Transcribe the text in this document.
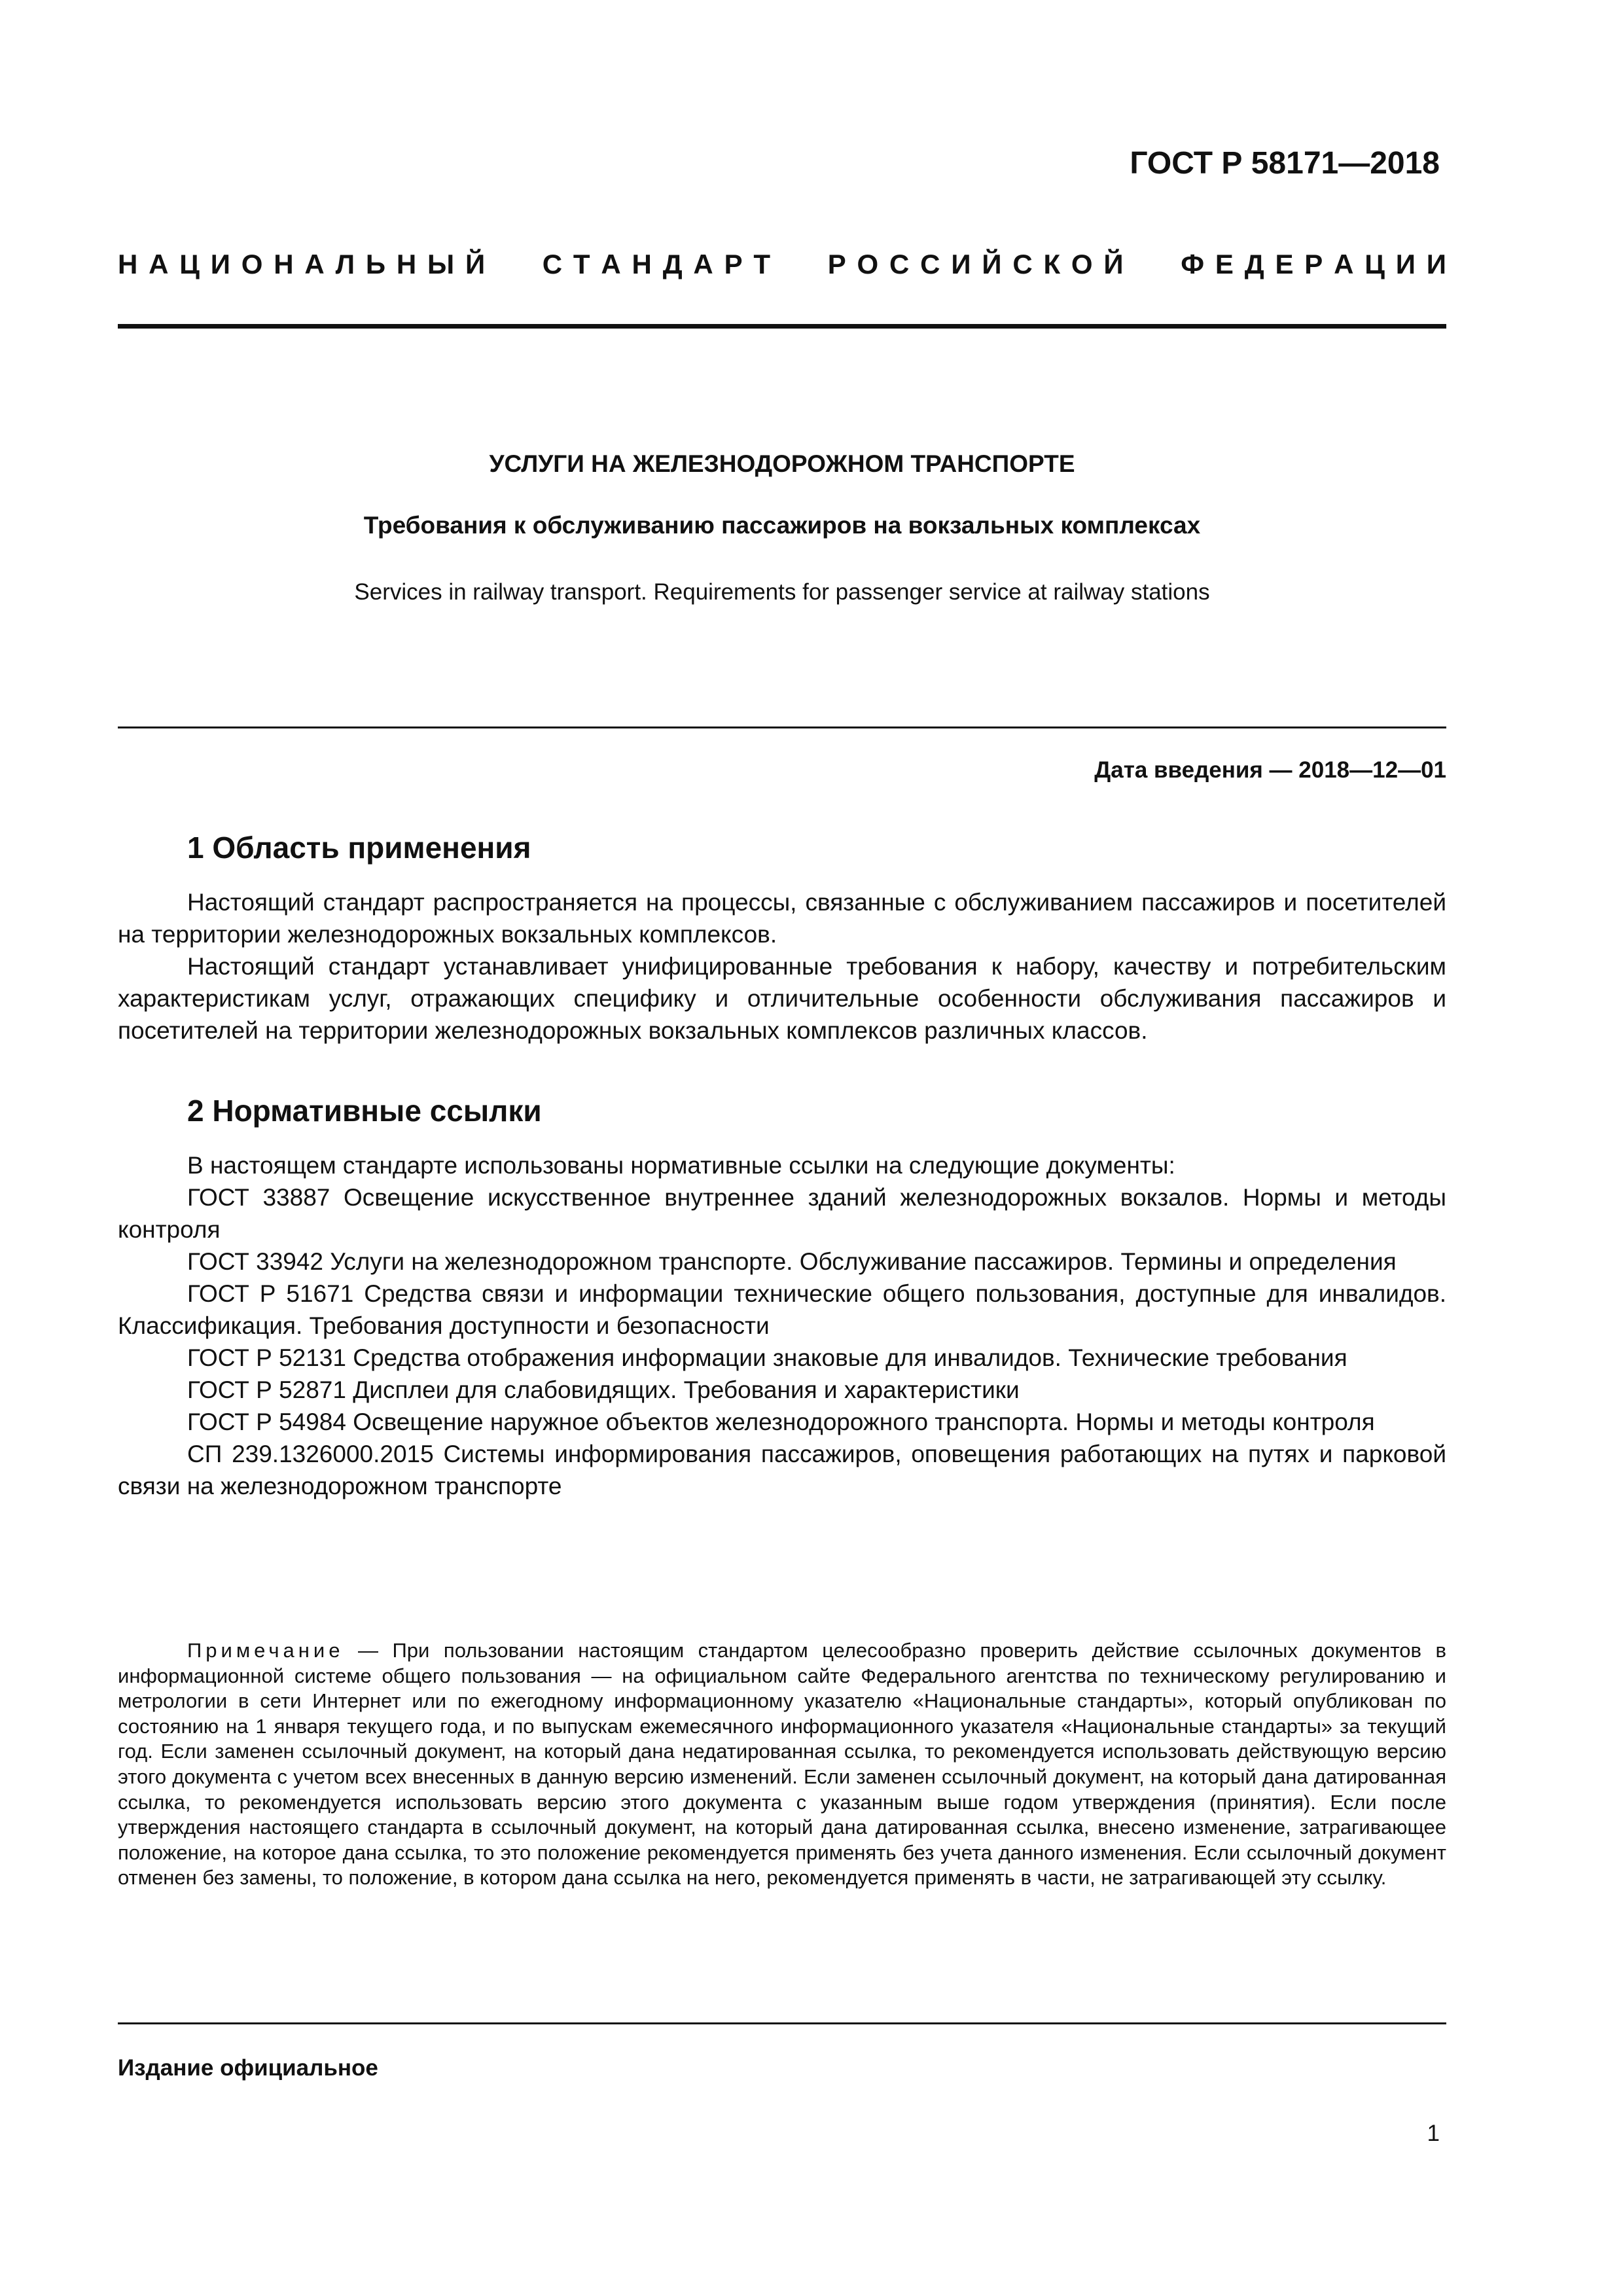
ГОСТ Р 58171—2018
Н  А  Ц  И  О  Н  А  Л  Ь  Н  Ы  Й С  Т  А  Н  Д  А  Р  Т Р  О  С  С  И  Й  С  К  О  Й Ф  Е  Д  Е  Р  А  Ц  И  И
УСЛУГИ НА ЖЕЛЕЗНОДОРОЖНОМ ТРАНСПОРТЕ
Требования к обслуживанию пассажиров на вокзальных комплексах
Services in railway transport. Requirements for passenger service at railway stations
Дата введения — 2018—12—01
1 Область применения

Настоящий стандарт распространяется на процессы, связанные с обслуживанием пассажиров и посетителей на территории железнодорожных вокзальных комплексов.

Настоящий стандарт устанавливает унифицированные требования к набору, качеству и потребительским характеристикам услуг, отражающих специфику и отличительные особенности обслуживания пассажиров и посетителей на территории железнодорожных вокзальных комплексов различных классов.

2 Нормативные ссылки

В настоящем стандарте использованы нормативные ссылки на следующие документы:

ГОСТ 33887 Освещение искусственное внутреннее зданий железнодорожных вокзалов. Нормы и методы контроля

ГОСТ 33942 Услуги на железнодорожном транспорте. Обслуживание пассажиров. Термины и определения

ГОСТ Р 51671 Средства связи и информации технические общего пользования, доступные для инвалидов. Классификация. Требования доступности и безопасности

ГОСТ Р 52131 Средства отображения информации знаковые для инвалидов. Технические требования

ГОСТ Р 52871 Дисплеи для слабовидящих. Требования и характеристики

ГОСТ Р 54984 Освещение наружное объектов железнодорожного транспорта. Нормы и методы контроля

СП 239.1326000.2015 Системы информирования пассажиров, оповещения работающих на путях и парковой связи на железнодорожном транспорте

Примечание — При пользовании настоящим стандартом целесообразно проверить действие ссылочных документов в информационной системе общего пользования — на официальном сайте Федерального агентства по техническому регулированию и метрологии в сети Интернет или по ежегодному информационному указателю «Национальные стандарты», который опубликован по состоянию на 1 января текущего года, и по выпускам ежемесячного информационного указателя «Национальные стандарты» за текущий год. Если заменен ссылочный документ, на который дана недатированная ссылка, то рекомендуется использовать действующую версию этого документа с учетом всех внесенных в данную версию изменений. Если заменен ссылочный документ, на который дана датированная ссылка, то рекомендуется использовать версию этого документа с указанным выше годом утверждения (принятия). Если после утверждения настоящего стандарта в ссылочный документ, на который дана датированная ссылка, внесено изменение, затрагивающее положение, на которое дана ссылка, то это положение рекомендуется применять без учета данного изменения. Если ссылочный документ отменен без замены, то положение, в котором дана ссылка на него, рекомендуется применять в части, не затрагивающей эту ссылку.

Издание официальное
1
